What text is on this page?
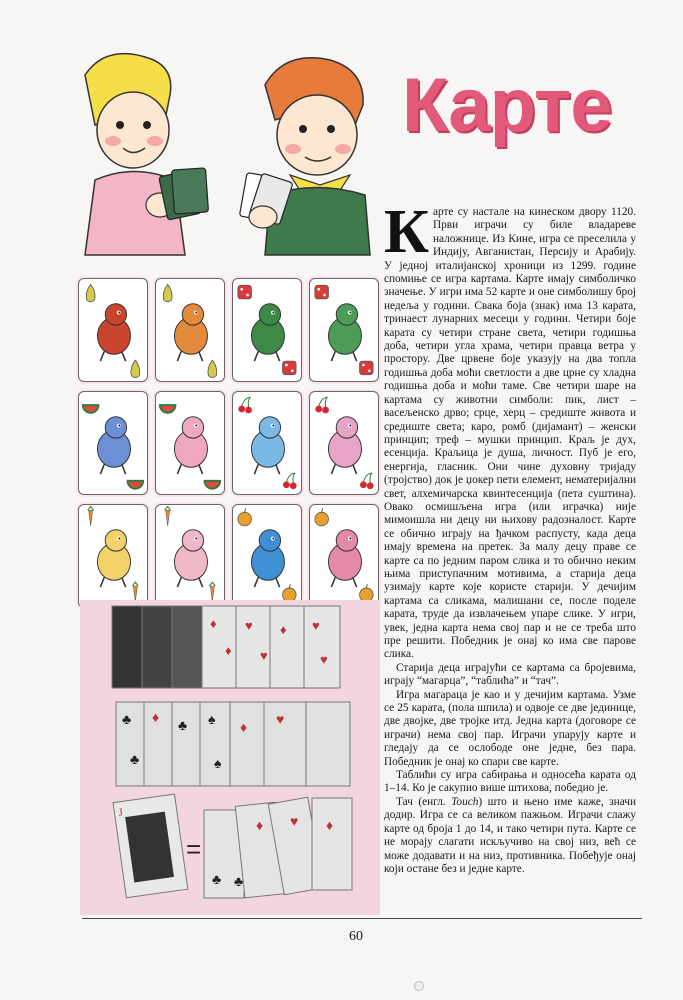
Карте
♦
♦
♥
♥
♦ ♥
♥
♣
♣
♣ ♠
♠
♦
♦
♥
J
=
♦ ♥ ♦
♣ ♣

Карте су настале на кинеском двору 1120. Први играчи су биле владареве наложнице. Из Кине, игра се преселила у Индију, Авганистан, Персију и Арабију. У једној италијанској хроници из 1299. године спомиње се игра картама. Карте имају симболичко значење. У игри има 52 карте и оне симболишу број недеља у години. Свака боја (знак) има 13 карата, тринаест лунарних месеци у години. Четири боје карата су четири стране света, четири годишња доба, четири угла храма, четири правца ветра у простору. Две црвене боје указују на два топла годишња доба моћи светлости а две црне су хладна годишња доба и моћи таме. Све четири шаре на картама су животни симболи: пик, лист – васељенско дрво; срце, херц – средиште живота и средиште света; каро, ромб (дијамант) – женски принцип; треф – мушки принцип. Краљ је дух, есенција. Краљица је душа, личност. Пуб је его, енергија, гласник. Они чине духовну тријаду (тројство) док је џокер пети елемент, нематеријални свет, алхемичарска квинтесенција (пета суштина). Овако осмишљена игра (или играчка) није мимоишла ни децу ни њихову радозналост. Карте се обично играју на ђачком распусту, када деца имају времена на претек. За малу децу праве се карте са по једним паром слика и то обично неким њима приступачним мотивима, а старија деца узимају карте које користе старији. У дечијим картама са сликама, малишани се, после поделе карата, труде да извлачењем упаре слике. У игри, увек, једна карта нема свој пар и не се треба што пре решити. Победник је онај ко има све парове слика.

Старија деца играјући се картама са бројевима, играју “магарца”, “таблића” и “тач”.

Игра магараца је као и у дечијим картама. Узме се 25 карата, (пола шпила) и одвоје се две јединице, две двојке, две тројке итд. Једна карта (договоре се играчи) нема свој пар. Играчи упарују карте и гледају да се ослободе оне једне, без пара. Победник је онај ко спари све карте.

Таблићи су игра сабирања и односећа карата од 1–14. Ко је сакупио више штихова, победио је.

Тач (енгл. Touch) што и њено име каже, значи додир. Игра се са великом пажњом. Играчи слажу карте од броја 1 до 14, и тако четири пута. Карте се не морају слагати искључиво на свој низ, већ се може додавати и на низ, противника. Побеђује онај који остане без и једне карте.

60
